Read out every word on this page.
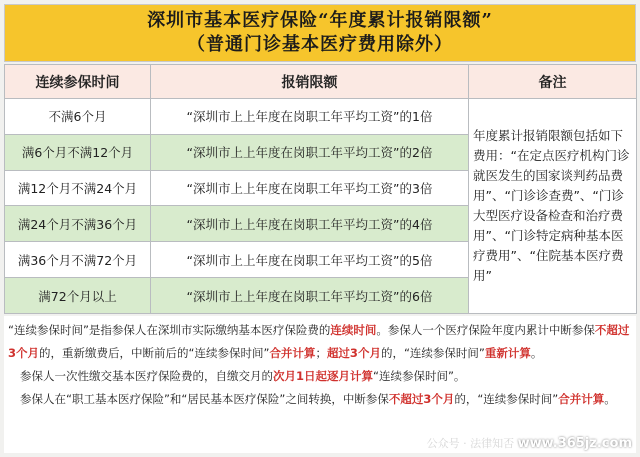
深圳市基本医疗保险“年度累计报销限额”
（普通门诊基本医疗费用除外）
连续参保时间	报销限额	备注
不满6个月	“深圳市上上年度在岗职工年平均工资”的1倍	年度累计报销限额包括如下费用：“在定点医疗机构门诊就医发生的国家谈判药品费用”、“门诊诊查费”、“门诊大型医疗设备检查和治疗费用”、“门诊特定病种基本医疗费用”、“住院基本医疗费用”
满6个月不满12个月	“深圳市上上年度在岗职工年平均工资”的2倍	
满12个月不满24个月	“深圳市上上年度在岗职工年平均工资”的3倍	
满24个月不满36个月	“深圳市上上年度在岗职工年平均工资”的4倍	
满36个月不满72个月	“深圳市上上年度在岗职工年平均工资”的5倍	
满72个月以上	“深圳市上上年度在岗职工年平均工资”的6倍	

“连续参保时间”是指参保人在深圳市实际缴纳基本医疗保险费的连续时间。参保人一个医疗保险年度内累计中断参保不超过3个月的，重新缴费后，中断前后的“连续参保时间”合并计算；超过3个月的，“连续参保时间”重新计算。

参保人一次性缴交基本医疗保险费的，自缴交月的次月1日起逐月计算“连续参保时间”。

参保人在“职工基本医疗保险”和“居民基本医疗保险”之间转换，中断参保不超过3个月的，“连续参保时间”合并计算。

公众号 · 法律知否 www.365jz.com
